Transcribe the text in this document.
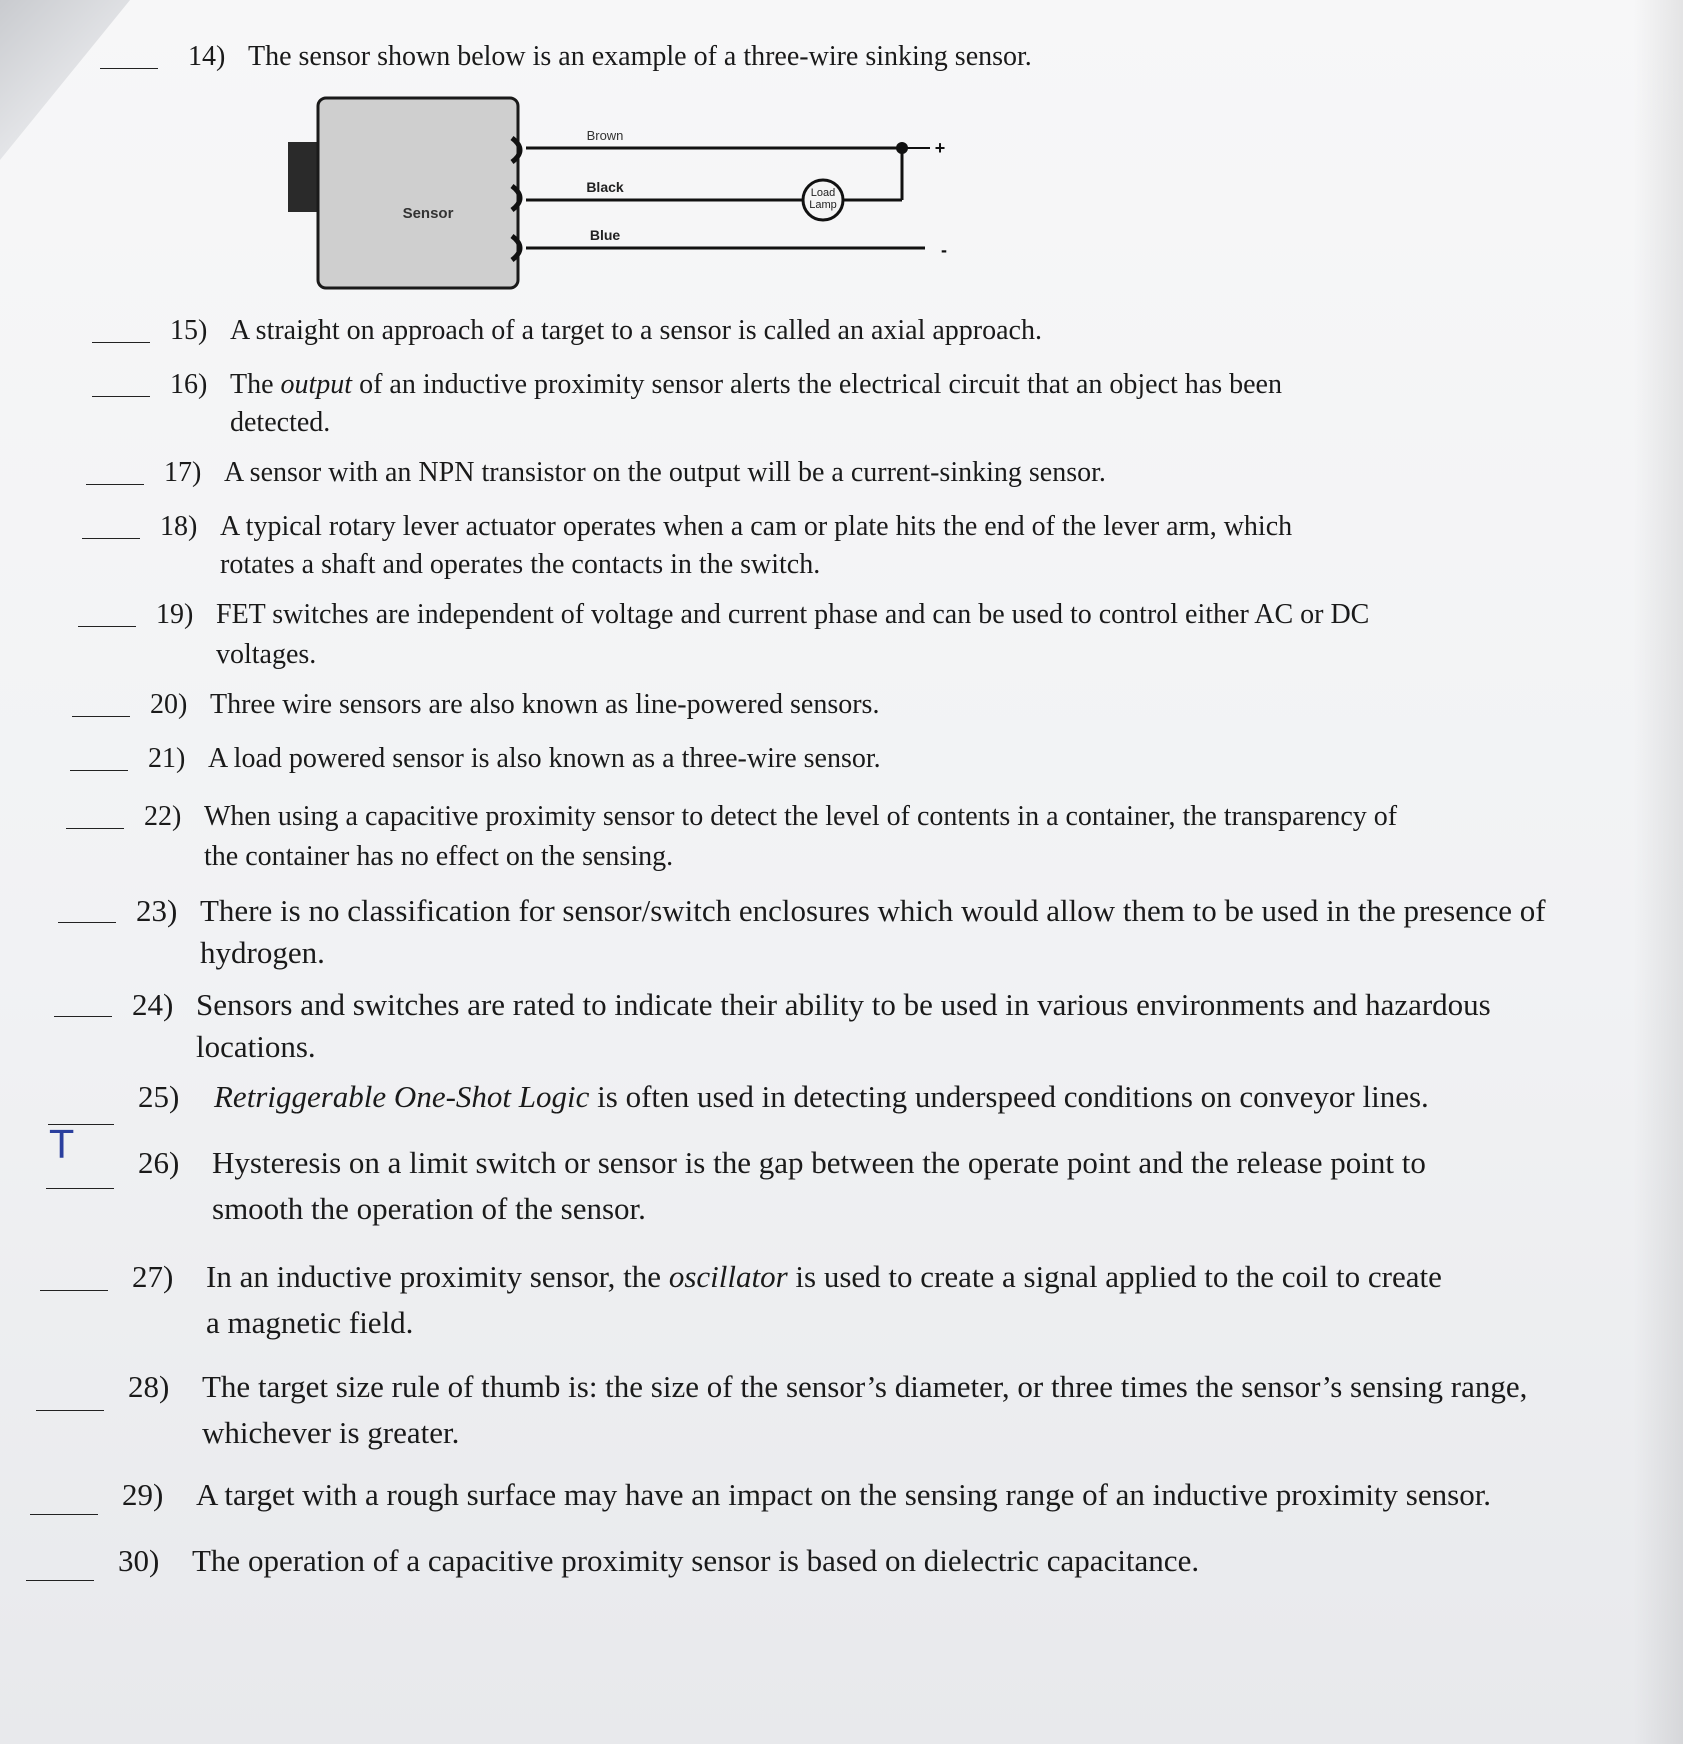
14) The sensor shown below is an example of a three-wire sinking sensor.
Sensor
Load
Lamp
Brown
Black
Blue
+
-
15) A straight on approach of a target to a sensor is called an axial approach.
16) The output of an inductive proximity sensor alerts the electrical circuit that an object has been
detected.
17) A sensor with an NPN transistor on the output will be a current-sinking sensor.
18) A typical rotary lever actuator operates when a cam or plate hits the end of the lever arm, which
rotates a shaft and operates the contacts in the switch.
19) FET switches are independent of voltage and current phase and can be used to control either AC or DC
voltages.
20) Three wire sensors are also known as line-powered sensors.
21) A load powered sensor is also known as a three-wire sensor.
22) When using a capacitive proximity sensor to detect the level of contents in a container, the transparency of
the container has no effect on the sensing.
23) There is no classification for sensor/switch enclosures which would allow them to be used in the presence of
hydrogen.
24) Sensors and switches are rated to indicate their ability to be used in various environments and hazardous
locations.
25) Retriggerable One-Shot Logic is often used in detecting underspeed conditions on conveyor lines.
T 26) Hysteresis on a limit switch or sensor is the gap between the operate point and the release point to
smooth the operation of the sensor.
27) In an inductive proximity sensor, the oscillator is used to create a signal applied to the coil to create
a magnetic field.
28) The target size rule of thumb is: the size of the sensor’s diameter, or three times the sensor’s sensing range,
whichever is greater.
29) A target with a rough surface may have an impact on the sensing range of an inductive proximity sensor.
30) The operation of a capacitive proximity sensor is based on dielectric capacitance.
